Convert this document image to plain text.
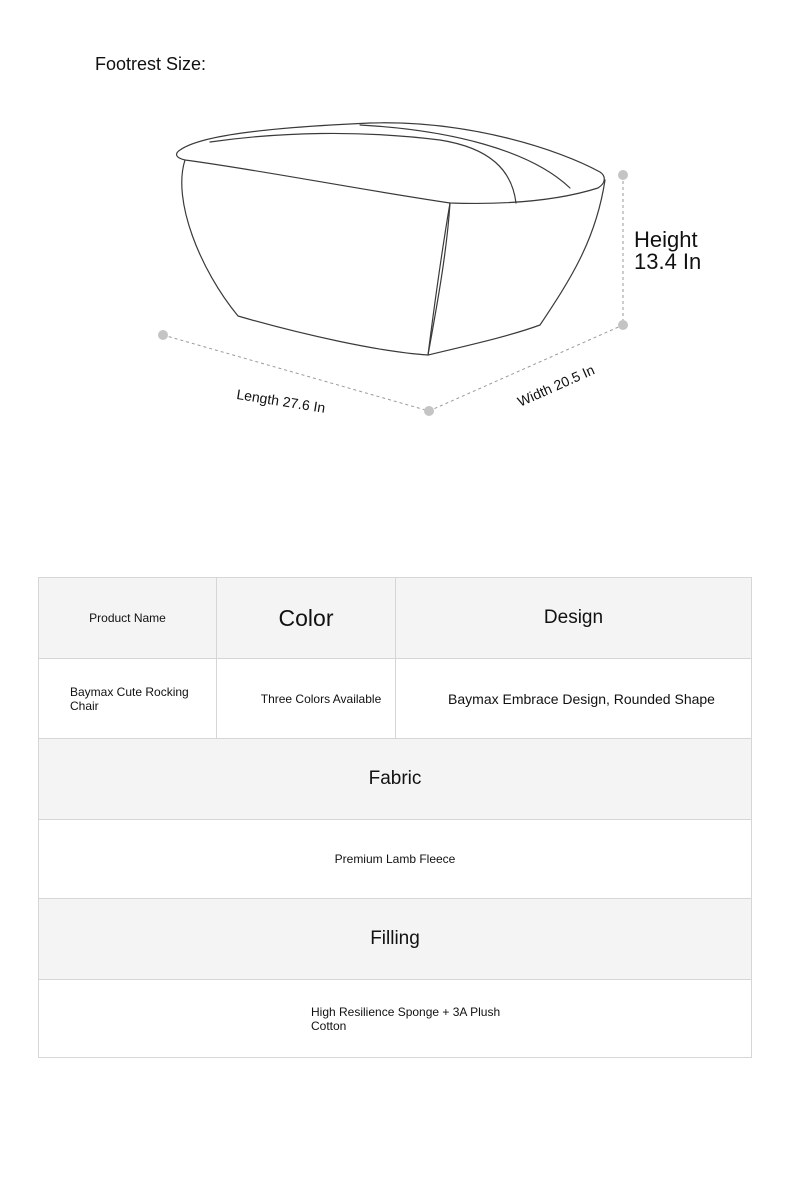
Footrest Size:
Length 27.6 In	Width 20.5 In
Height 13.4 In
Product Name	Color	Design
Baymax Cute Rocking Chair	Three Colors Available	Baymax Embrace Design, Rounded Shape
Fabric
Premium Lamb Fleece
Filling
High Resilience Sponge + 3A Plush Cotton
